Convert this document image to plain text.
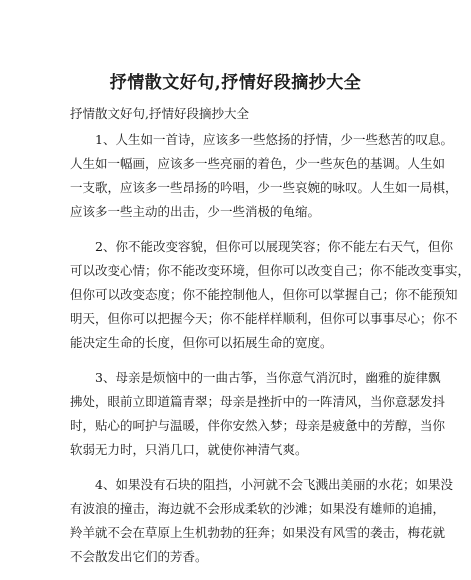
抒情散文好句,抒情好段摘抄大全

抒情散文好句,抒情好段摘抄大全

　　1、人生如一首诗，应该多一些悠扬的抒情，少一些愁苦的叹息。
人生如一幅画，应该多一些亮丽的着色，少一些灰色的基调。人生如
一支歌，应该多一些昂扬的吟唱，少一些哀婉的咏叹。人生如一局棋，
应该多一些主动的出击，少一些消极的龟缩。

　　2、你不能改变容貌，但你可以展现笑容；你不能左右天气，但你
可以改变心情；你不能改变环境，但你可以改变自己；你不能改变事实，
但你可以改变态度；你不能控制他人，但你可以掌握自己；你不能预知
明天，但你可以把握今天；你不能样样顺利，但你可以事事尽心；你不
能决定生命的长度，但你可以拓展生命的宽度。

　　3、母亲是烦恼中的一曲古筝，当你意气消沉时，幽雅的旋律飘
拂处，眼前立即道篇青翠；母亲是挫折中的一阵清风，当你意瑟发抖
时，贴心的呵护与温暖，伴你安然入梦；母亲是疲惫中的芳醇，当你
软弱无力时，只消几口，就使你神清气爽。

　　4、如果没有石块的阻挡，小河就不会飞溅出美丽的水花；如果没
有波浪的撞击，海边就不会形成柔软的沙滩；如果没有雄师的追捕，
羚羊就不会在草原上生机勃勃的狂奔；如果没有风雪的袭击，梅花就
不会散发出它们的芳香。
